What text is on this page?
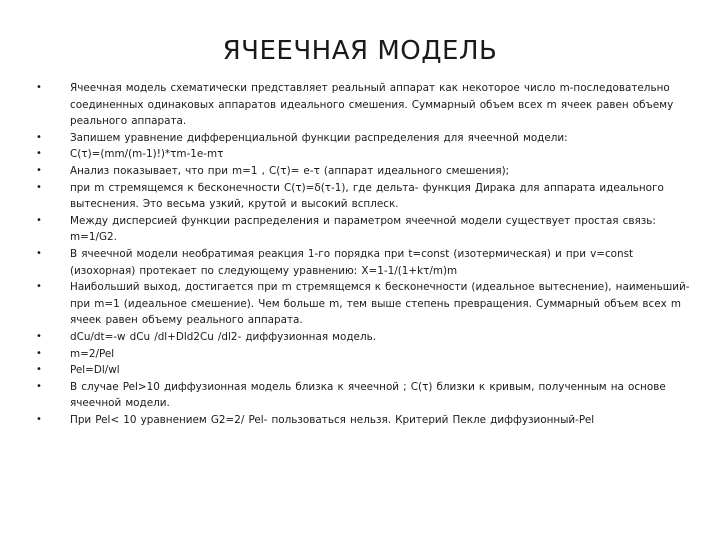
ЯЧЕЕЧНАЯ МОДЕЛЬ
•	Ячеечная модель схематически представляет реальный аппарат как некоторое число m-последовательно соединенных одинаковых аппаратов идеального смешения. Суммарный объем всех m ячеек равен объему реального аппарата.
•	Запишем уравнение дифференциальной функции распределения для ячеечной модели:
•	C(τ)=(mm/(m-1)!)*τm-1e-mτ
•	Анализ показывает, что при m=1 , C(τ)= e-τ (аппарат идеального смешения);
•	при m стремящемся к бесконечности C(τ)=δ(τ-1), где дельта- функция Дирака для аппарата идеального вытеснения. Это весьма узкий, крутой и высокий всплеск.
•	Между дисперсией функции распределения и параметром ячеечной модели существует простая связь: m=1/G2.
•	В ячеечной модели необратимая реакция 1-го порядка при t=const (изотермическая) и при v=const (изохорная) протекает по следующему уравнению: X=1-1/(1+kτ/m)m
•	Наибольший выход, достигается при m стремящемся к бесконечности (идеальное вытеснение), наименьший- при m=1 (идеальное смешение). Чем больше m, тем выше степень превращения. Суммарный объем всех m ячеек равен объему реального аппарата.
•	dCu/dt=-w dCu /dl+Dld2Cu /dl2- диффузионная модель.
•	m=2/Pel
•	Pel=Dl/wl
•	В случае Pel>10 диффузионная модель близка к ячеечной ; C(τ) близки к кривым, полученным на основе ячеечной модели.
•	При Pel< 10 уравнением G2=2/ Pel- пользоваться нельзя. Критерий Пекле диффузионный-Pel
